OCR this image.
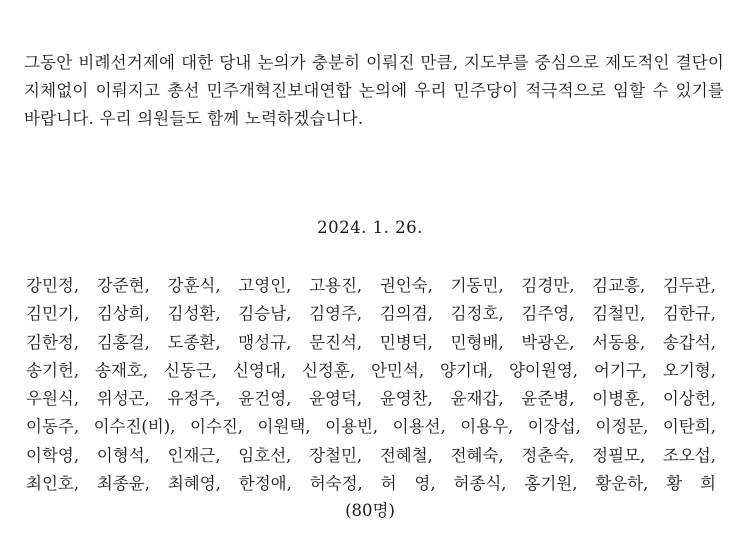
그동안 비례선거제에 대한 당내 논의가 충분히 이뤄진 만큼, 지도부를 중심으로 제도적인 결단이 지체없이 이뤄지고 총선 민주개혁진보대연합 논의에 우리 민주당이 적극적으로 임할 수 있기를 바랍니다. 우리 의원들도 함께 노력하겠습니다.

2024. 1. 26.
강민정, 강준현, 강훈식, 고영인, 고용진, 권인숙, 기동민, 김경만, 김교흥, 김두관,
김민기, 김상희, 김성환, 김승남, 김영주, 김의겸, 김정호, 김주영, 김철민, 김한규,
김한정, 김홍걸, 도종환, 맹성규, 문진석, 민병덕, 민형배, 박광온, 서동용, 송갑석,
송기헌, 송재호, 신동근, 신영대, 신정훈, 안민석, 양기대, 양이원영, 어기구, 오기형,
우원식, 위성곤, 유정주, 윤건영, 윤영덕, 윤영찬, 윤재갑, 윤준병, 이병훈, 이상헌,
이동주, 이수진(비), 이수진, 이원택, 이용빈, 이용선, 이용우, 이장섭, 이정문, 이탄희,
이학영, 이형석, 인재근, 임호선, 장철민, 전혜철, 전혜숙, 정춘숙, 정필모, 조오섭,
최인호, 최종윤, 최혜영, 한정애, 허숙정, 허 영, 허종식, 홍기원, 황운하, 황 희
(80명)
